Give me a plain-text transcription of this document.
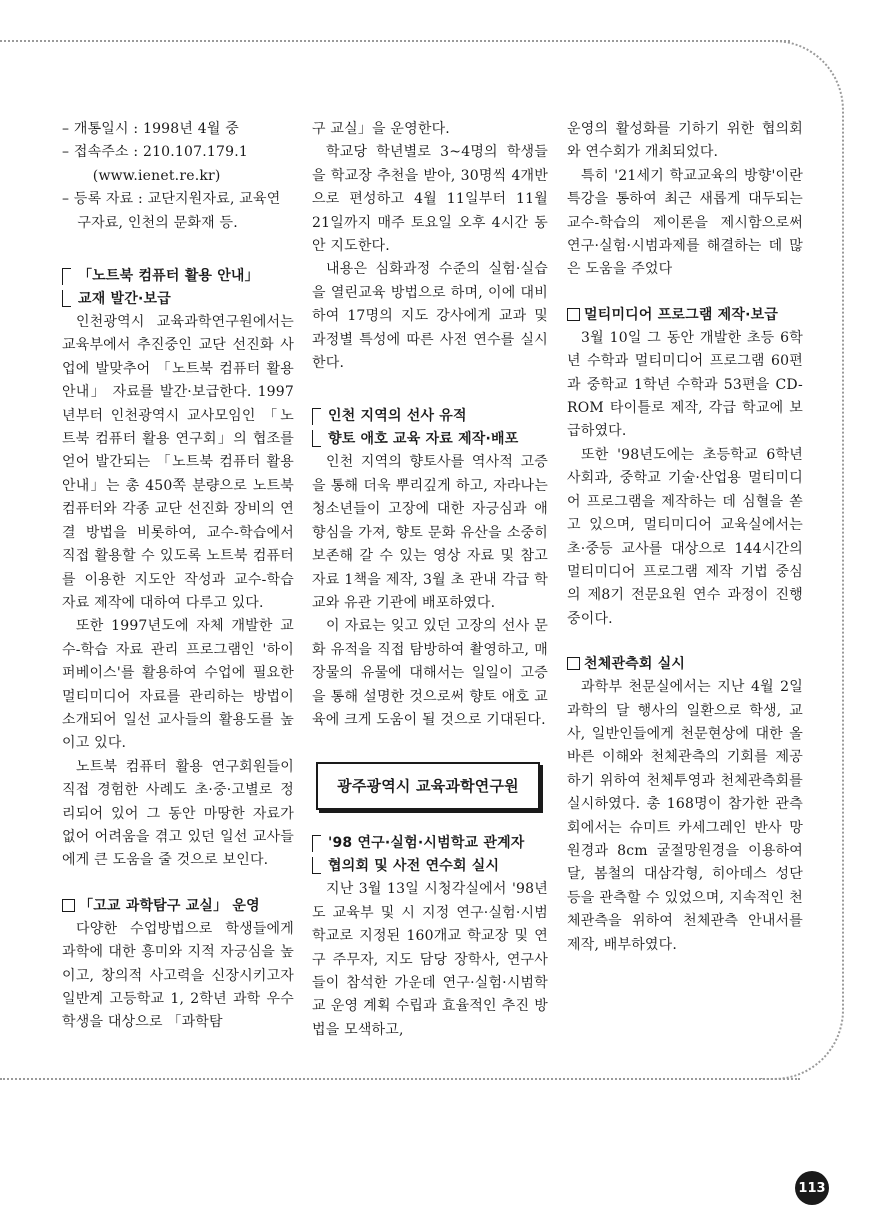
– 개통일시 : 1998년 4월 중

– 접속주소 : 210.107.179.1
(www.ienet.re.kr)

– 등록 자료 : 교단지원자료, 교육연구자료, 인천의 문화재 등.

「노트북 컴퓨터 활용 안내」
교재 발간·보급

인천광역시 교육과학연구원에서는 교육부에서 추진중인 교단 선진화 사업에 발맞추어 「노트북 컴퓨터 활용 안내」 자료를 발간·보급한다. 1997년부터 인천광역시 교사모임인 「노트북 컴퓨터 활용 연구회」의 협조를 얻어 발간되는 「노트북 컴퓨터 활용 안내」는 총 450쪽 분량으로 노트북 컴퓨터와 각종 교단 선진화 장비의 연결 방법을 비롯하여, 교수-학습에서 직접 활용할 수 있도록 노트북 컴퓨터를 이용한 지도안 작성과 교수-학습 자료 제작에 대하여 다루고 있다.

또한 1997년도에 자체 개발한 교수-학습 자료 관리 프로그램인 '하이퍼베이스'를 활용하여 수업에 필요한 멀티미디어 자료를 관리하는 방법이 소개되어 일선 교사들의 활용도를 높이고 있다.

노트북 컴퓨터 활용 연구회원들이 직접 경험한 사례도 초·중·고별로 정리되어 있어 그 동안 마땅한 자료가 없어 어려움을 겪고 있던 일선 교사들에게 큰 도움을 줄 것으로 보인다.

「고교 과학탐구 교실」 운영

다양한 수업방법으로 학생들에게 과학에 대한 흥미와 지적 자긍심을 높이고, 창의적 사고력을 신장시키고자 일반계 고등학교 1, 2학년 과학 우수 학생을 대상으로 「과학탐

구 교실」을 운영한다.

학교당 학년별로 3~4명의 학생들을 학교장 추천을 받아, 30명씩 4개반으로 편성하고 4월 11일부터 11월 21일까지 매주 토요일 오후 4시간 동안 지도한다.

내용은 심화과정 수준의 실험·실습을 열린교육 방법으로 하며, 이에 대비하여 17명의 지도 강사에게 교과 및 과정별 특성에 따른 사전 연수를 실시한다.

인천 지역의 선사 유적
향토 애호 교육 자료 제작·배포

인천 지역의 향토사를 역사적 고증을 통해 더욱 뿌리깊게 하고, 자라나는 청소년들이 고장에 대한 자긍심과 애향심을 가져, 향토 문화 유산을 소중히 보존해 갈 수 있는 영상 자료 및 참고 자료 1책을 제작, 3월 초 관내 각급 학교와 유관 기관에 배포하였다.

이 자료는 잊고 있던 고장의 선사 문화 유적을 직접 탐방하여 촬영하고, 매장물의 유물에 대해서는 일일이 고증을 통해 설명한 것으로써 향토 애호 교육에 크게 도움이 될 것으로 기대된다.

광주광역시 교육과학연구원
'98 연구·실험·시범학교 관계자
협의회 및 사전 연수회 실시

지난 3월 13일 시청각실에서 '98년도 교육부 및 시 지정 연구·실험·시범학교로 지정된 160개교 학교장 및 연구 주무자, 지도 담당 장학사, 연구사들이 참석한 가운데 연구·실험·시범학교 운영 계획 수립과 효율적인 추진 방법을 모색하고,

운영의 활성화를 기하기 위한 협의회와 연수회가 개최되었다.

특히 '21세기 학교교육의 방향'이란 특강을 통하여 최근 새롭게 대두되는 교수-학습의 제이론을 제시함으로써 연구·실험·시범과제를 해결하는 데 많은 도움을 주었다

멀티미디어 프로그램 제작·보급

3월 10일 그 동안 개발한 초등 6학년 수학과 멀티미디어 프로그램 60편과 중학교 1학년 수학과 53편을 CD-ROM 타이틀로 제작, 각급 학교에 보급하였다.

또한 '98년도에는 초등학교 6학년 사회과, 중학교 기술·산업용 멀티미디어 프로그램을 제작하는 데 심혈을 쏟고 있으며, 멀티미디어 교육실에서는 초·중등 교사를 대상으로 144시간의 멀티미디어 프로그램 제작 기법 중심의 제8기 전문요원 연수 과정이 진행중이다.

천체관측회 실시

과학부 천문실에서는 지난 4월 2일 과학의 달 행사의 일환으로 학생, 교사, 일반인들에게 천문현상에 대한 올바른 이해와 천체관측의 기회를 제공하기 위하여 천체투영과 천체관측회를 실시하였다. 총 168명이 참가한 관측회에서는 슈미트 카세그레인 반사 망원경과 8cm 굴절망원경을 이용하여 달, 봄철의 대삼각형, 히아데스 성단 등을 관측할 수 있었으며, 지속적인 천체관측을 위하여 천체관측 안내서를 제작, 배부하였다.

113
